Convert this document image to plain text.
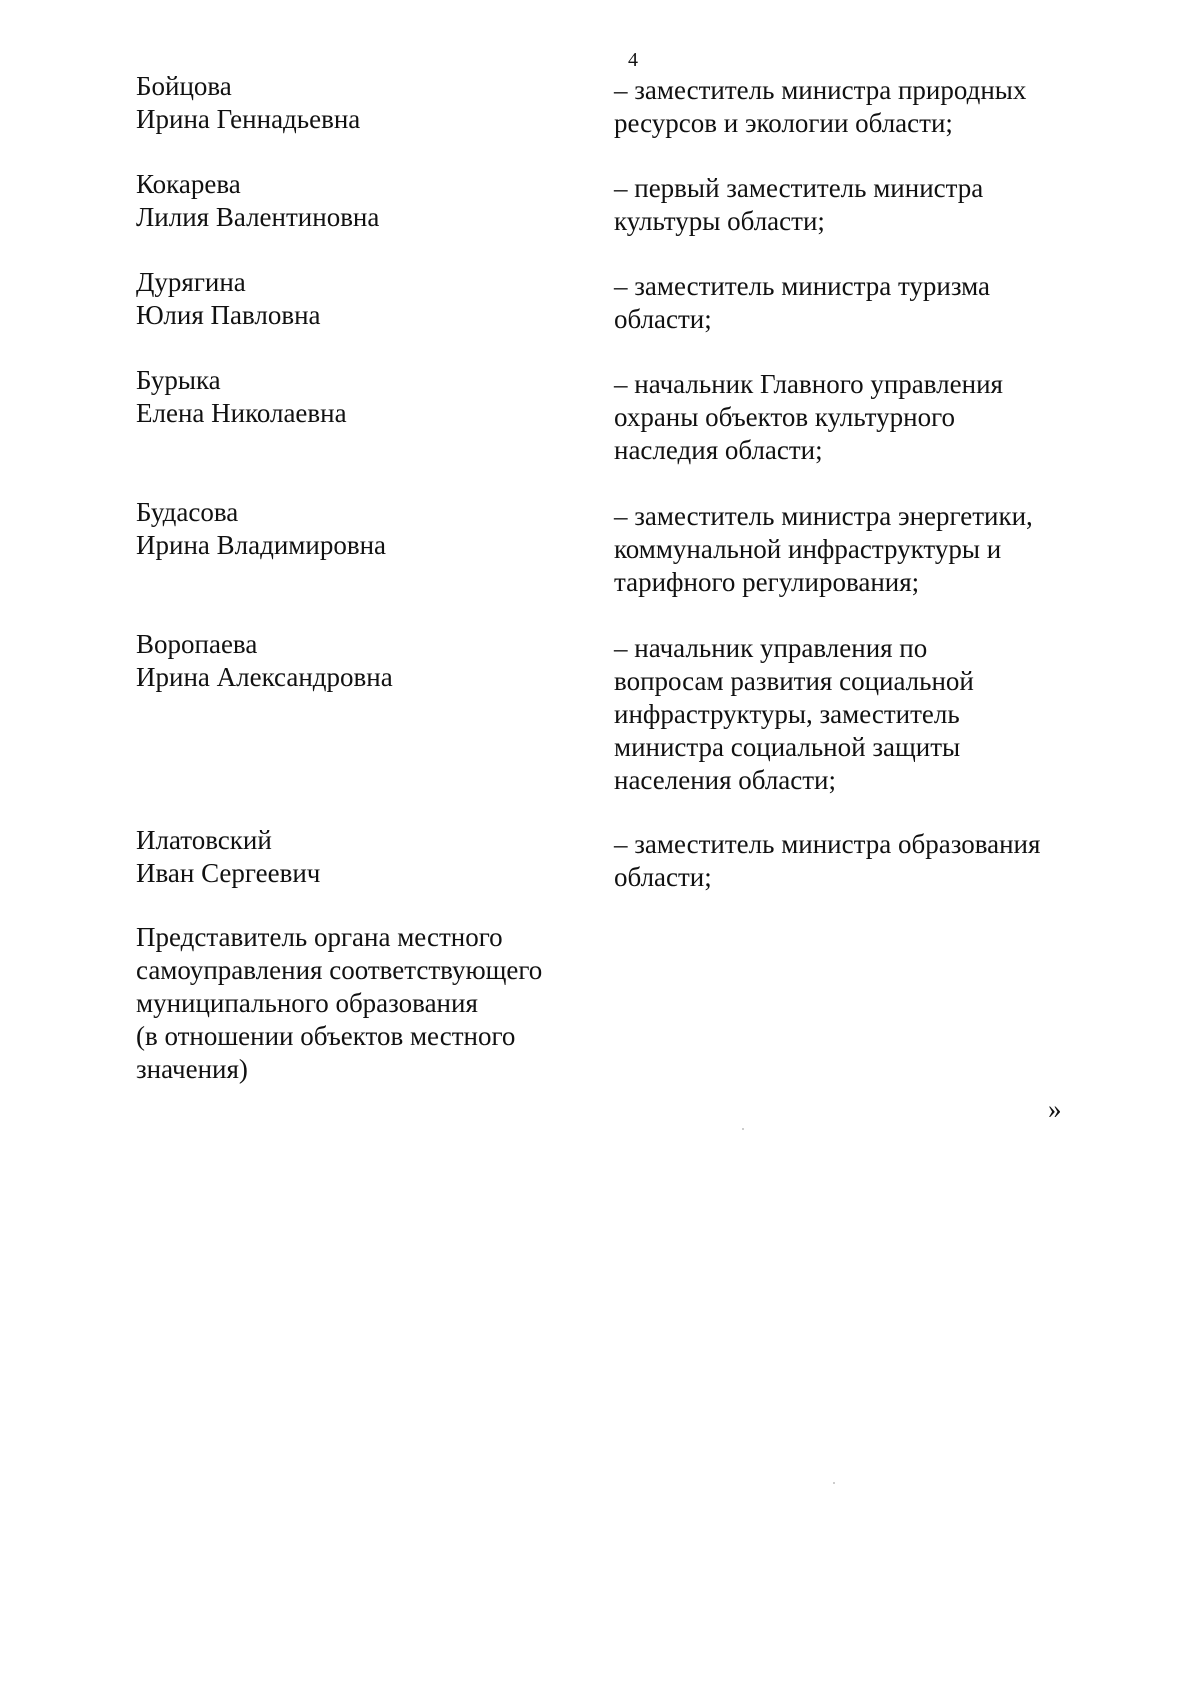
4
Бойцова
Ирина Геннадьевна
– заместитель министра природных
ресурсов и экологии области;
Кокарева
Лилия Валентиновна
– первый заместитель министра
культуры области;
Дурягина
Юлия Павловна
– заместитель министра туризма
области;
Бурыка
Елена Николаевна
– начальник Главного управления
охраны объектов культурного
наследия области;
Будасова
Ирина Владимировна
– заместитель министра энергетики,
коммунальной инфраструктуры и
тарифного регулирования;
Воропаева
Ирина Александровна
– начальник управления по
вопросам развития социальной
инфраструктуры, заместитель
министра социальной защиты
населения области;
Илатовский
Иван Сергеевич
– заместитель министра образования
области;
Представитель органа местного
самоуправления соответствующего
муниципального образования
(в отношении объектов местного
значения)
»
